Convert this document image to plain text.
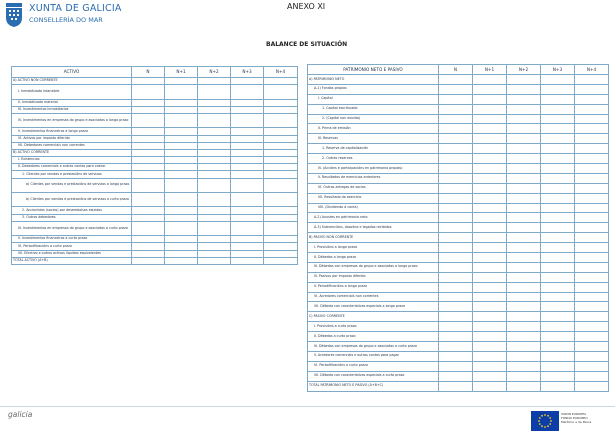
XUNTA DE GALICIA
CONSELLERÍA DO MAR
ANEXO XI
BALANCE DE SITUACIÓN
ACTIVO	N	N+1	N+2	N+3	N+4
A) ACTIVO NON CORRENTE					
I. Inmobilizado intanxible					
II. Inmobilizado material					
III. Investimentos inmobiliarios					
IV. Investimentos en empresas do grupo e asociadas a longo prazo					
V. Investimentos financeiros a longo prazo					
VI. Activos por imposto diferido					
VII. Debedores comerciais non correntes					
B) ACTIVO CORRENTE					
I. Existencias					
II. Debedores comerciais e outras contas para cobrar					
1. Clientes por vendas e prestacións de servizos					
a) Clientes por vendas e prestacións de servizos a longo prazo					
b) Clientes por vendas e prestacións de servizos a curto prazo					
2. Accionistas (socios) por desembolsos esixidos					
3. Outros debedores					
IV. Investimentos en empresas do grupo e asociadas a curto prazo					
V. Investimentos financeiros a curto prazo					
VI. Periodificacións a curto prazo					
VII. Efectivo e outros activos líquidos equivalentes					
TOTAL ACTIVO (A+B)					
PATRIMONIO NETO E PASIVO	N	N+1	N+2	N+3	N+4
A) PATRIMONIO NETO					
A-1) Fondos propios					
I. Capital					
1. Capital escriturado					
2. (Capital non esixido)					
II. Prima de emisión					
III. Reservas					
1. Reserva de capitalización					
2. Outras reservas					
IV. (Accións e participacións en patrimonio propias)					
V. Resultados de exercicios anteriores					
VI. Outras achegas de socios					
VII. Resultado do exercicio					
VIII. (Dividendo á conta)					
A-2) Axustes en patrimonio neto					
A-3) Subvencións, doazóns e legados recibidos					
B) PASIVO NON CORRENTE					
I. Provisións a longo prazo					
II. Débedas a longo prazo					
III. Débedas con empresas do grupo e asociadas a longo prazo					
IV. Pasivos por imposto diferido					
V. Periodificacións a longo prazo					
VI. Acredores comerciais non correntes					
VII. Débeda con características especiais a longo prazo					
C) PASIVO CORRENTE					
I. Provisións a curto prazo					
II. Débedas a curto prazo					
III. Débedas con empresas do grupo e asociadas a curto prazo					
V. Acredores comerciais e outras contas para pagar					
VI. Periodificacións a curto prazo					
VII. Débeda con características especiais a curto prazo					
TOTAL PATRIMONIO NETO E PASIVO (A+B+C)					
galicia	UNIÓN EUROPEA
FONDO EUROPEO
Marítimo e de Pesca
